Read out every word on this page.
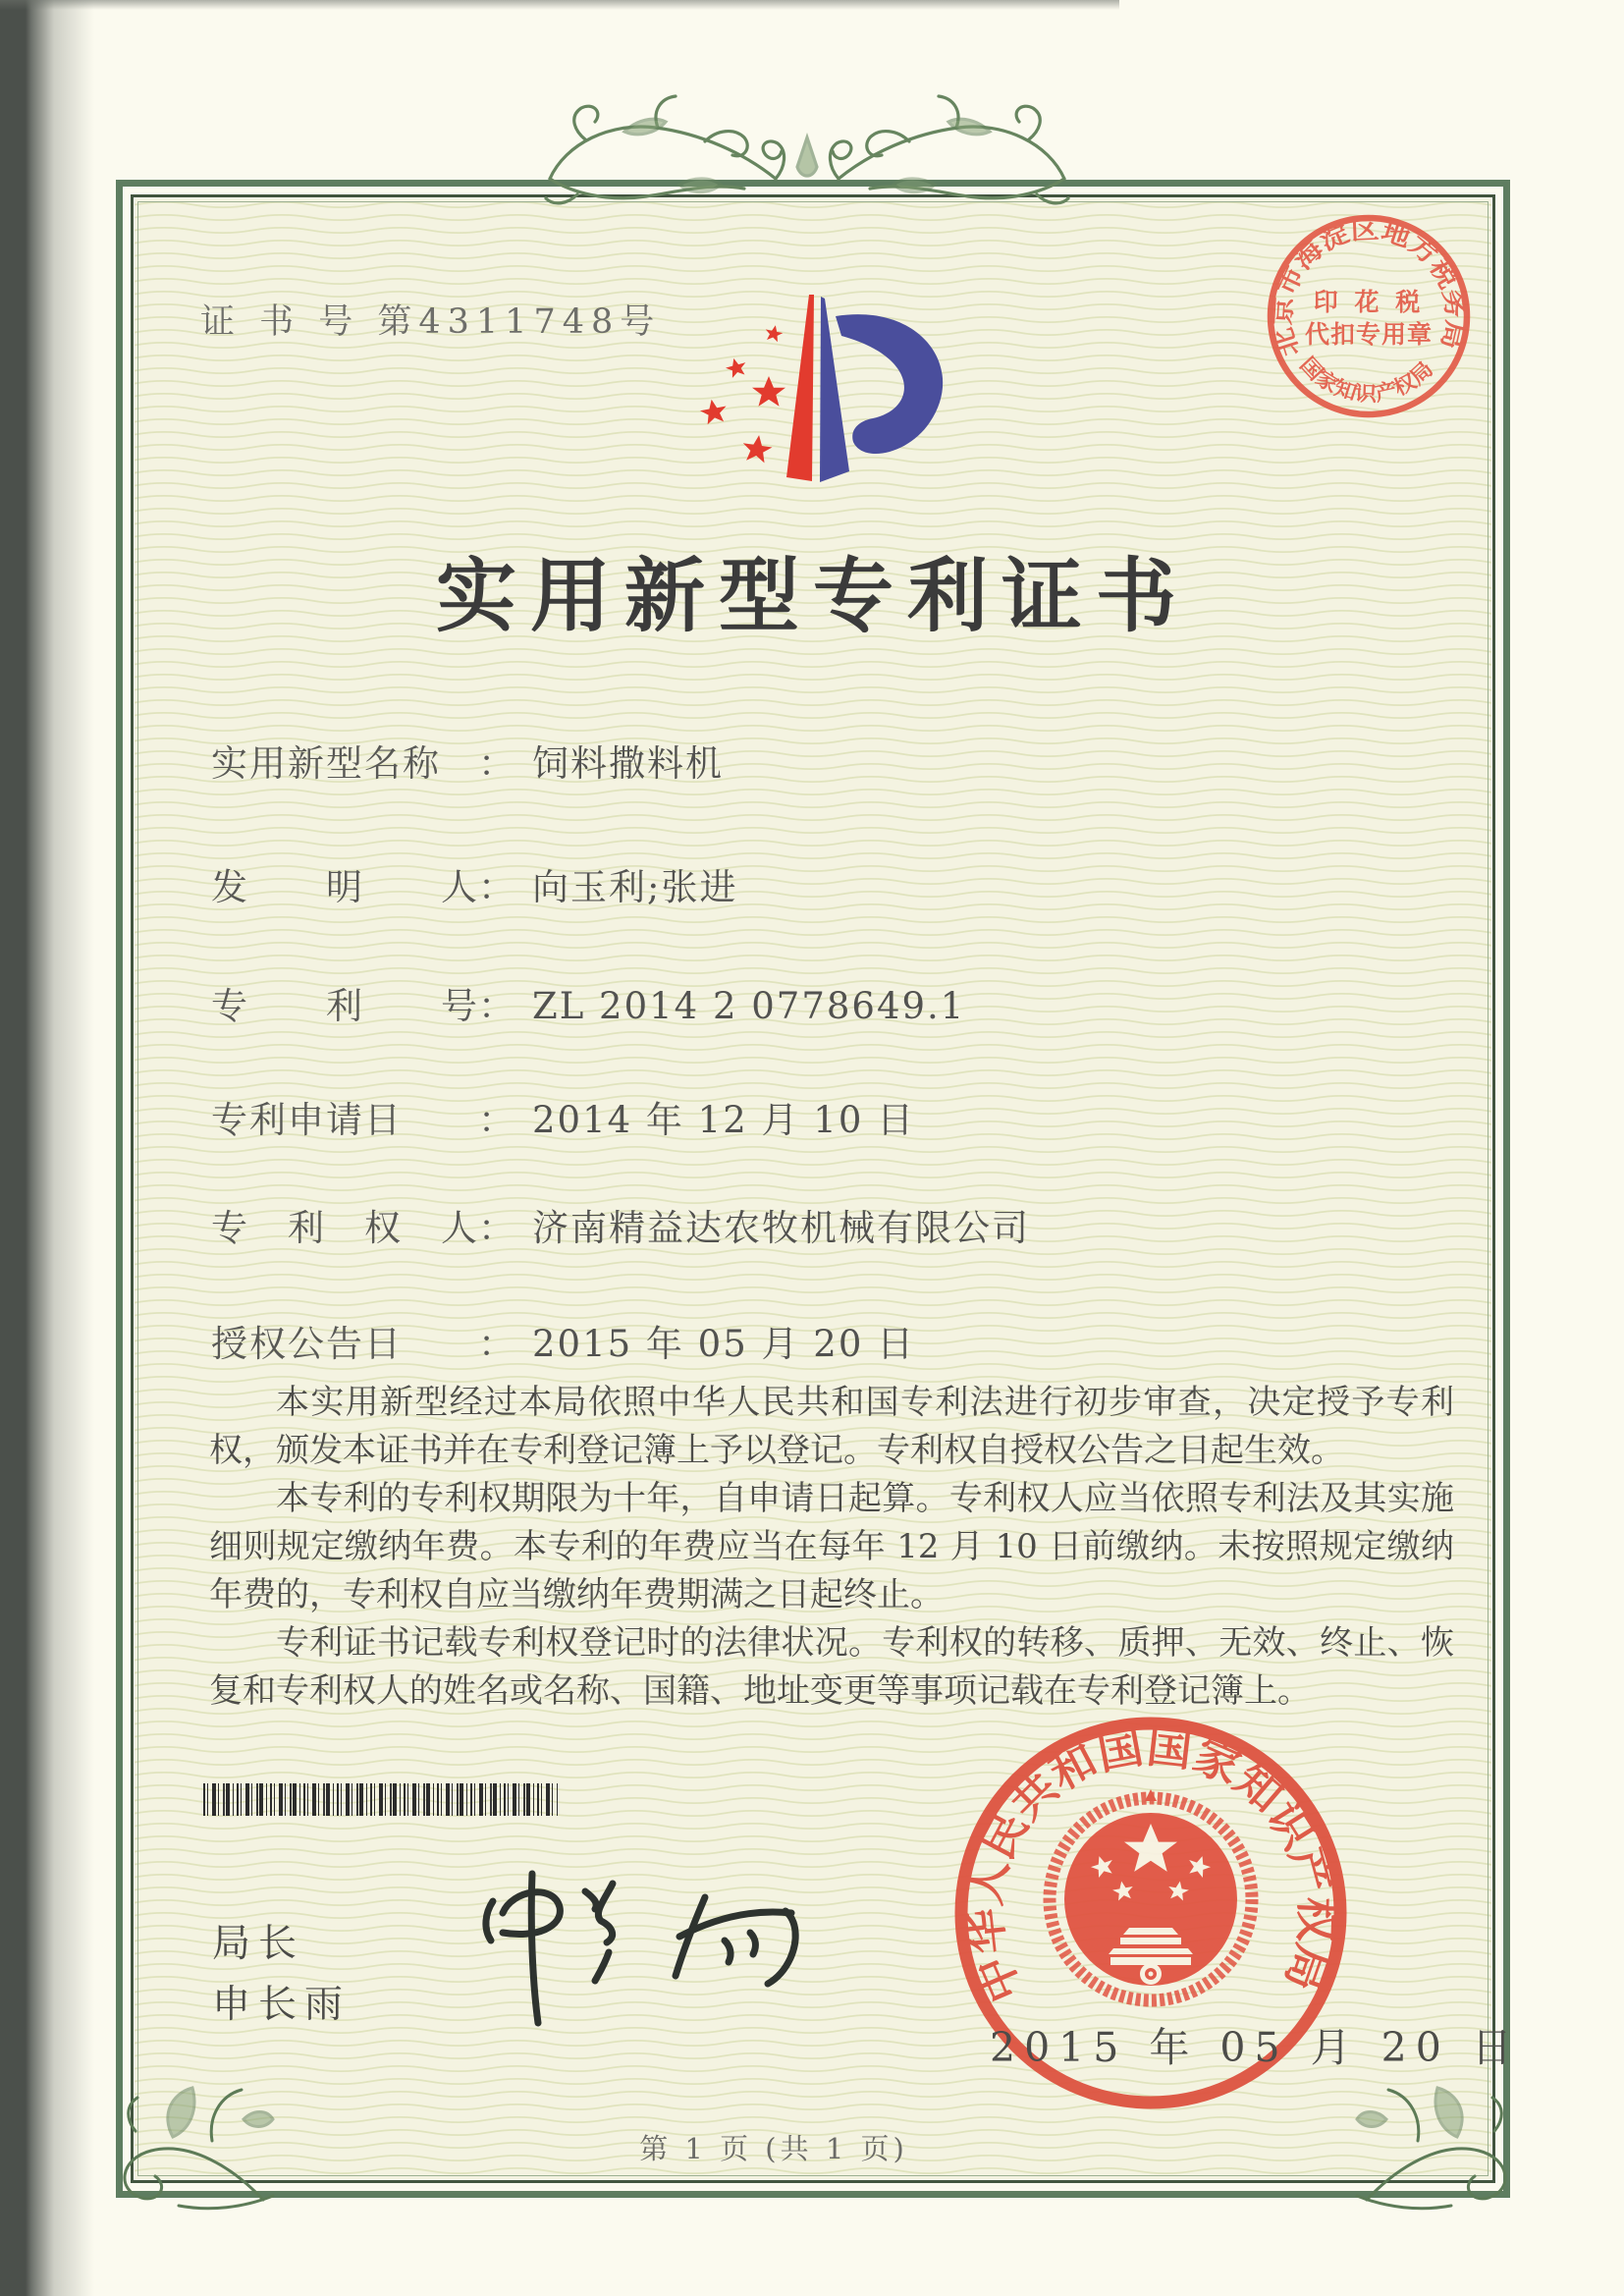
证 书 号 第4311748号
北京市海淀区地方税务局
国家知识产权局
印 花 税
代扣专用章
实用新型专利证书
实用新型名称 ： 饲料撒料机
发　　明　　人： 向玉利;张进
专　　利　　号： ZL 2014 2 0778649.1
专利申请日 ： 2014 年 12 月 10 日
专　利　权　人： 济南精益达农牧机械有限公司
授权公告日 ： 2015 年 05 月 20 日

本实用新型经过本局依照中华人民共和国专利法进行初步审查，决定授予专利权，颁发本证书并在专利登记簿上予以登记。专利权自授权公告之日起生效。

本专利的专利权期限为十年，自申请日起算。专利权人应当依照专利法及其实施细则规定缴纳年费。本专利的年费应当在每年 12 月 10 日前缴纳。未按照规定缴纳年费的，专利权自应当缴纳年费期满之日起终止。

专利证书记载专利权登记时的法律状况。专利权的转移、质押、无效、终止、恢复和专利权人的姓名或名称、国籍、地址变更等事项记载在专利登记簿上。

局长
申长雨	中华人民共和国国家知识产权局
2015 年 05 月 20 日
第 1 页 (共 1 页)
